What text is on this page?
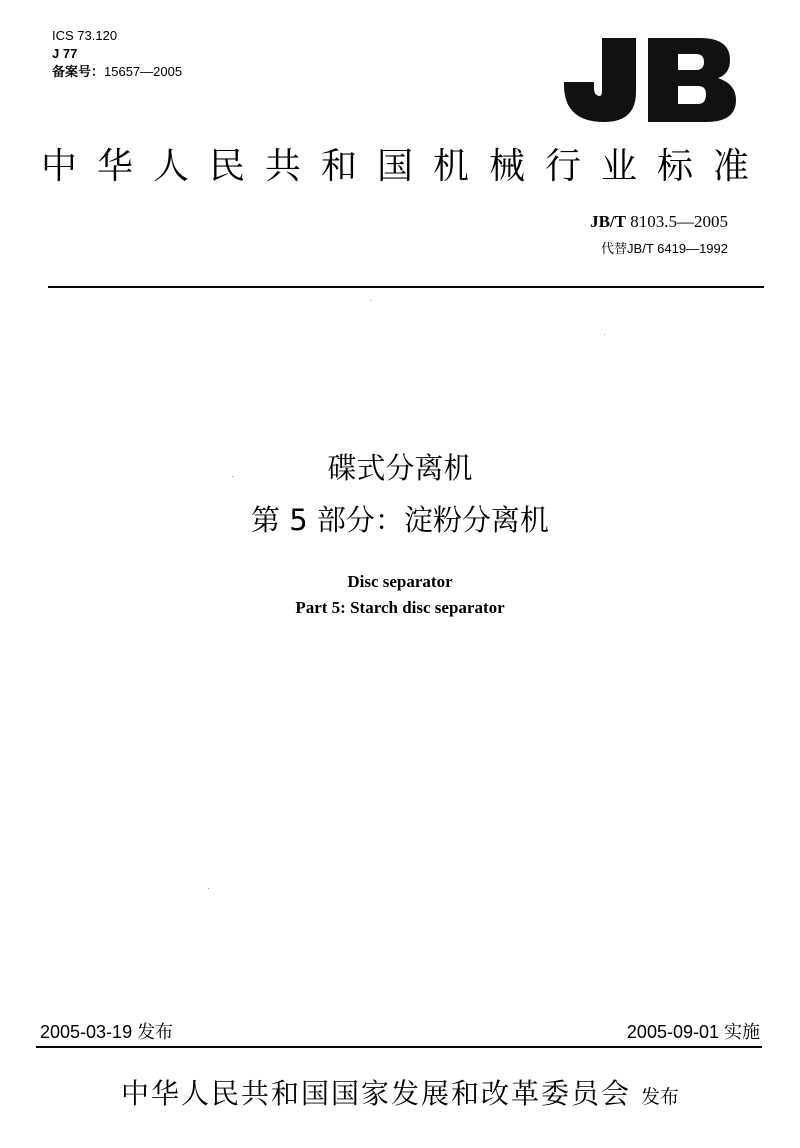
ICS 73.120
J 77
备案号：15657—2005
JB
中华人民共和国机械行业标准
JB/T 8103.5—2005
代替JB/T 6419—1992
碟式分离机
第 5 部分：淀粉分离机
Disc separator
Part 5: Starch disc separator
2005-03-19 发布	2005-09-01 实施
中华人民共和国国家发展和改革委员会 发布
